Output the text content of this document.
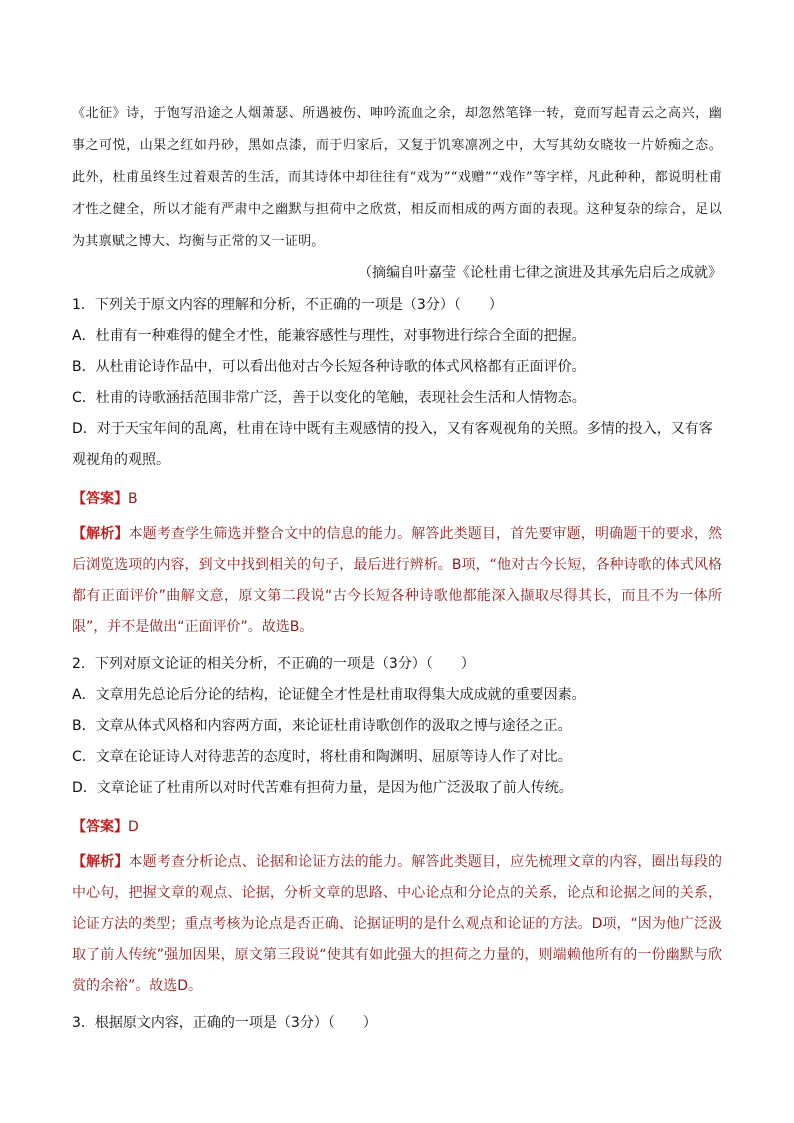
《北征》诗，于饱写沿途之人烟萧瑟、所遇被伤、呻吟流血之余，却忽然笔锋一转，竟而写起青云之高兴，幽事之可悦，山果之红如丹砂，黑如点漆，而于归家后，又复于饥寒凛冽之中，大写其幼女晓妆一片娇痴之态。此外，杜甫虽终生过着艰苦的生活，而其诗体中却往往有“戏为”“戏赠”“戏作”等字样，凡此种种，都说明杜甫才性之健全，所以才能有严肃中之幽默与担荷中之欣赏，相反而相成的两方面的表现。这种复杂的综合，足以为其禀赋之博大、均衡与正常的又一证明。

（摘编自叶嘉莹《论杜甫七律之演进及其承先启后之成就》

1．下列关于原文内容的理解和分析，不正确的一项是（3分）（　　）

A．杜甫有一种难得的健全才性，能兼容感性与理性，对事物进行综合全面的把握。

B．从杜甫论诗作品中，可以看出他对古今长短各种诗歌的体式风格都有正面评价。

C．杜甫的诗歌涵括范围非常广泛，善于以变化的笔触，表现社会生活和人情物态。

D．对于天宝年间的乱离，杜甫在诗中既有主观感情的投入，又有客观视角的关照。多情的投入，又有客观视角的观照。

【答案】B

【解析】本题考查学生筛选并整合文中的信息的能力。解答此类题目，首先要审题，明确题干的要求，然后浏览选项的内容，到文中找到相关的句子，最后进行辨析。B项，“他对古今长短，各种诗歌的体式风格都有正面评价”曲解文意，原文第二段说“古今长短各种诗歌他都能深入撷取尽得其长，而且不为一体所限”，并不是做出“正面评价”。故选B。

2．下列对原文论证的相关分析，不正确的一项是（3分）（　　）

A．文章用先总论后分论的结构，论证健全才性是杜甫取得集大成成就的重要因素。

B．文章从体式风格和内容两方面，来论证杜甫诗歌创作的汲取之博与途径之正。

C．文章在论证诗人对待悲苦的态度时，将杜甫和陶渊明、屈原等诗人作了对比。

D．文章论证了杜甫所以对时代苦难有担荷力量，是因为他广泛汲取了前人传统。

【答案】D

【解析】本题考查分析论点、论据和论证方法的能力。解答此类题目，应先梳理文章的内容，圈出每段的中心句，把握文章的观点、论据，分析文章的思路、中心论点和分论点的关系，论点和论据之间的关系，论证方法的类型；重点考核为论点是否正确、论据证明的是什么观点和论证的方法。D项，“因为他广泛汲取了前人传统”强加因果，原文第三段说“使其有如此强大的担荷之力量的，则端赖他所有的一份幽默与欣赏的余裕”。故选D。

3．根据原文内容，正确的一项是（3分）（　　）
